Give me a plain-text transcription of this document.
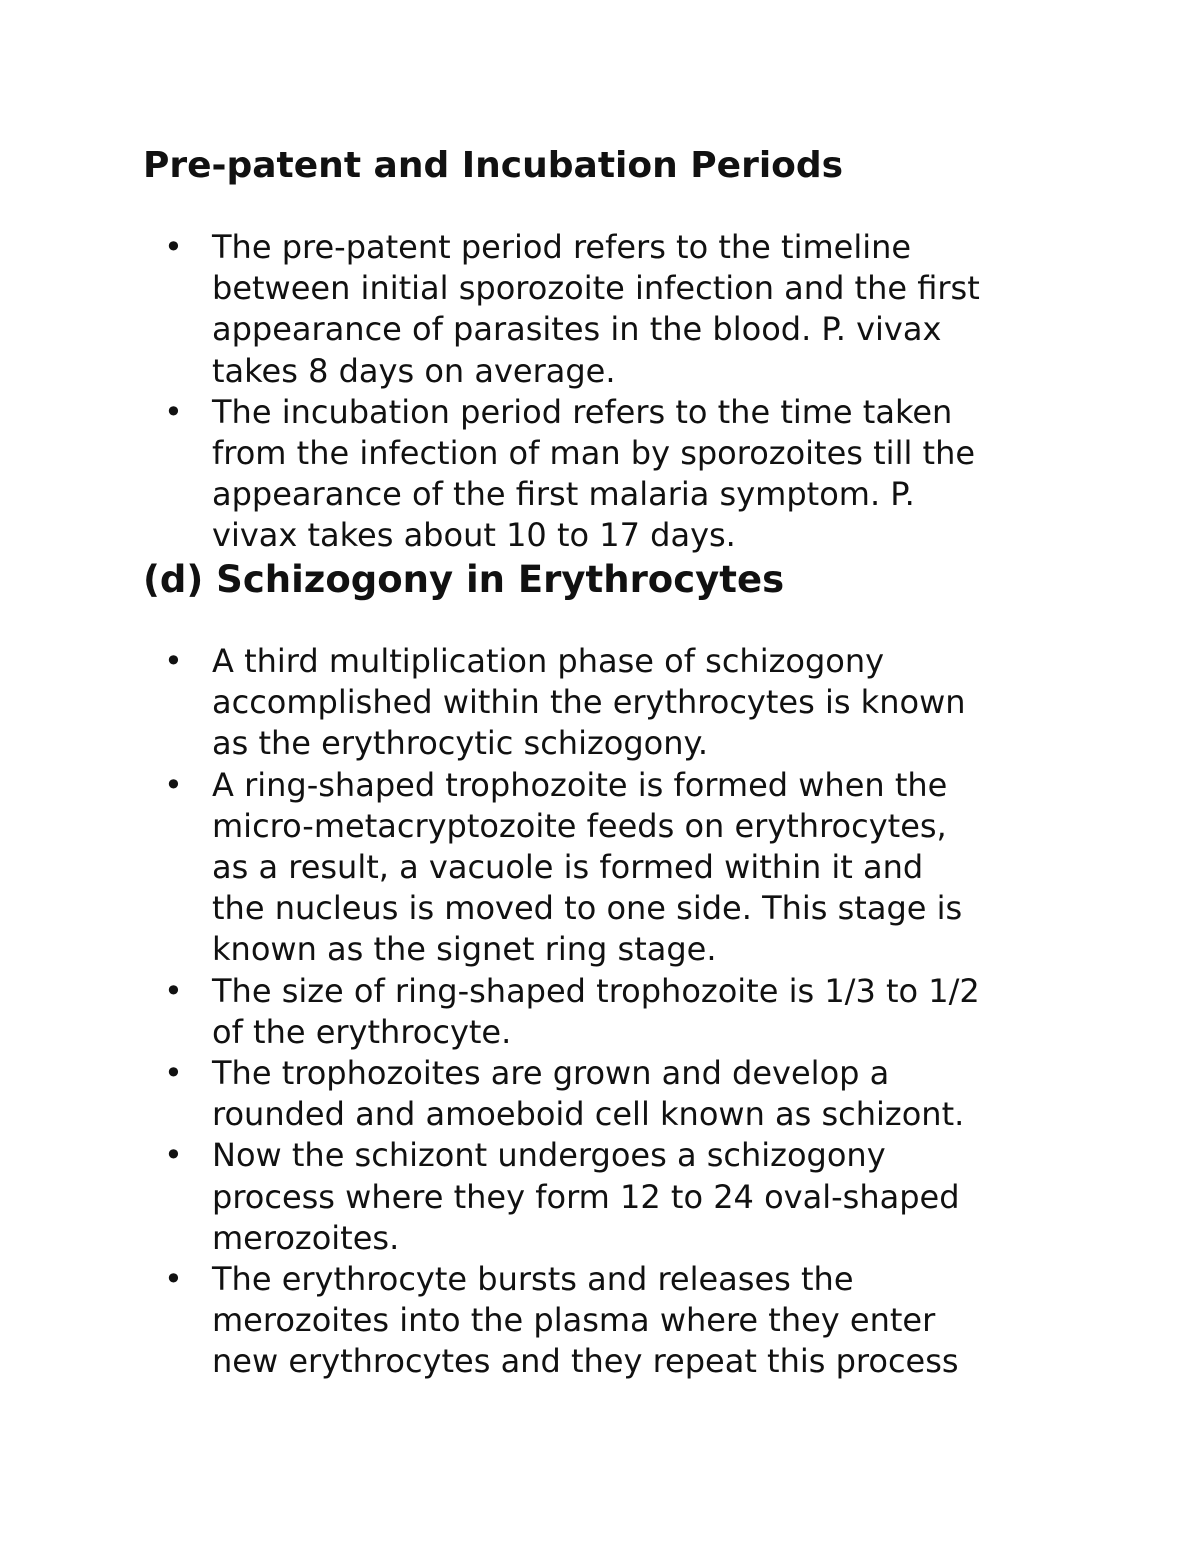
Pre-patent and Incubation Periods
• The pre-patent period refers to the timeline
between initial sporozoite infection and the first
appearance of parasites in the blood. P. vivax
takes 8 days on average.
• The incubation period refers to the time taken
from the infection of man by sporozoites till the
appearance of the first malaria symptom. P.
vivax takes about 10 to 17 days.
(d) Schizogony in Erythrocytes
• A third multiplication phase of schizogony
accomplished within the erythrocytes is known
as the erythrocytic schizogony.
• A ring-shaped trophozoite is formed when the
micro-metacryptozoite feeds on erythrocytes,
as a result, a vacuole is formed within it and
the nucleus is moved to one side. This stage is
known as the signet ring stage.
• The size of ring-shaped trophozoite is 1/3 to 1/2
of the erythrocyte.
• The trophozoites are grown and develop a
rounded and amoeboid cell known as schizont.
• Now the schizont undergoes a schizogony
process where they form 12 to 24 oval-shaped
merozoites.
• The erythrocyte bursts and releases the
merozoites into the plasma where they enter
new erythrocytes and they repeat this process
